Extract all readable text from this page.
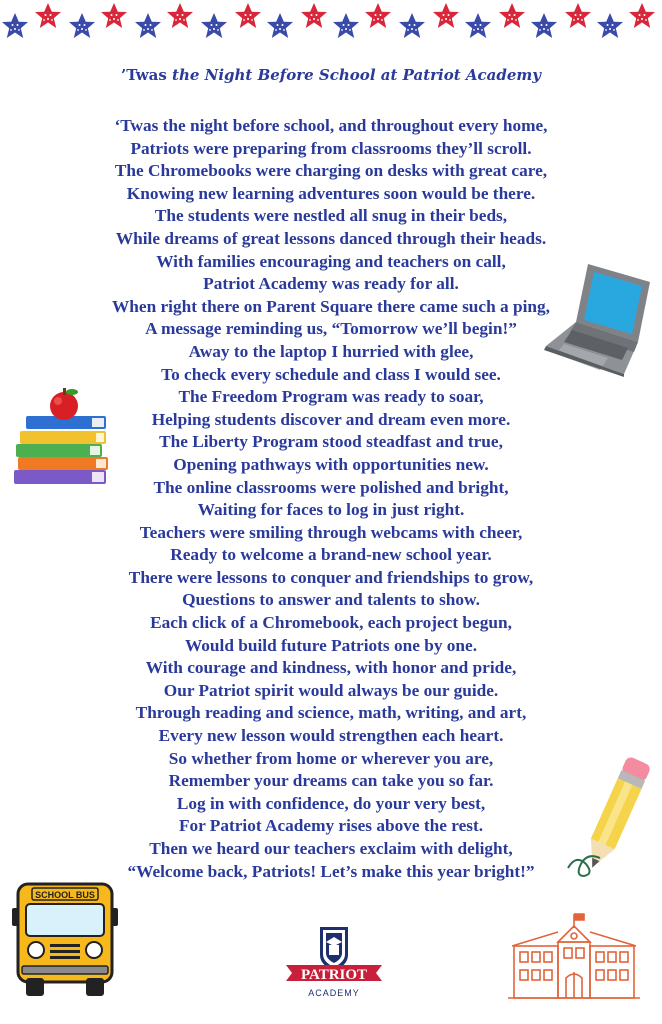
’Twas the Night Before School at Patriot Academy
‘Twas the night before school, and throughout every home,
Patriots were preparing from classrooms they’ll scroll.
The Chromebooks were charging on desks with great care,
Knowing new learning adventures soon would be there.
The students were nestled all snug in their beds,
While dreams of great lessons danced through their heads.
With families encouraging and teachers on call,
Patriot Academy was ready for all.
When right there on Parent Square there came such a ping,
A message reminding us, “Tomorrow we’ll begin!”
Away to the laptop I hurried with glee,
To check every schedule and class I would see.
The Freedom Program was ready to soar,
Helping students discover and dream even more.
The Liberty Program stood steadfast and true,
Opening pathways with opportunities new.
The online classrooms were polished and bright,
Waiting for faces to log in just right.
Teachers were smiling through webcams with cheer,
Ready to welcome a brand-new school year.
There were lessons to conquer and friendships to grow,
Questions to answer and talents to show.
Each click of a Chromebook, each project begun,
Would build future Patriots one by one.
With courage and kindness, with honor and pride,
Our Patriot spirit would always be our guide.
Through reading and science, math, writing, and art,
Every new lesson would strengthen each heart.
So whether from home or wherever you are,
Remember your dreams can take you so far.
Log in with confidence, do your very best,
For Patriot Academy rises above the rest.
Then we heard our teachers exclaim with delight,
“Welcome back, Patriots! Let’s make this year bright!”
SCHOOL BUS
PATRIOT
ACADEMY
